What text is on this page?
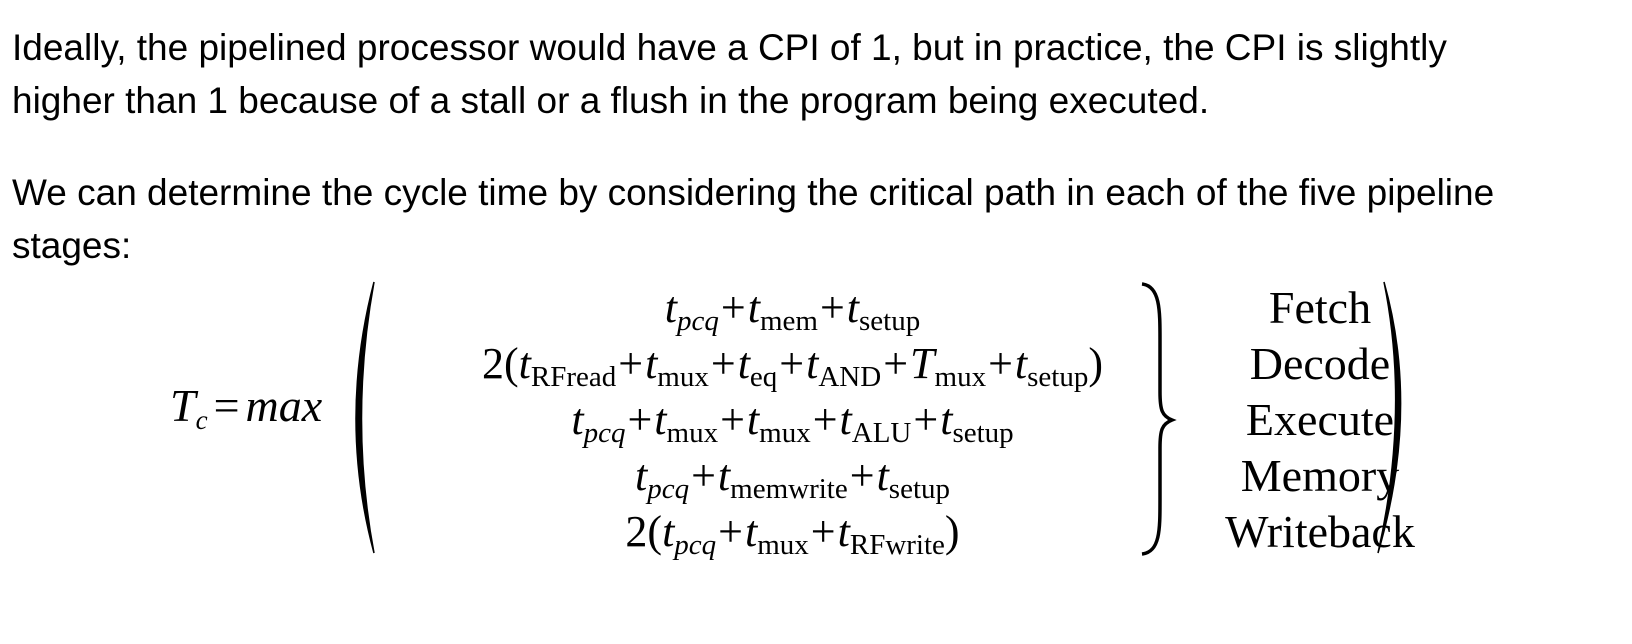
Ideally, the pipelined processor would have a CPI of 1, but in practice, the CPI is slightly
higher than 1 because of a stall or a flush in the program being executed.

We can determine the cycle time by considering the critical path in each of the five pipeline
stages:

Tc = max
$t_{pcq}+t_{mem}+t_{setup}$
$2(t_{RFread}+t_{mux}+t_{eq}+t_{AND}+T_{mux}+t_{setup})$
$t_{pcq}+t_{mux}+t_{mux}+t_{ALU}+t_{setup}$
$t_{pcq}+t_{memwrite}+t_{setup}$
$2(t_{pcq}+t_{mux}+t_{RFwrite})$
Fetch
Decode
Execute
Memory
Writeback
